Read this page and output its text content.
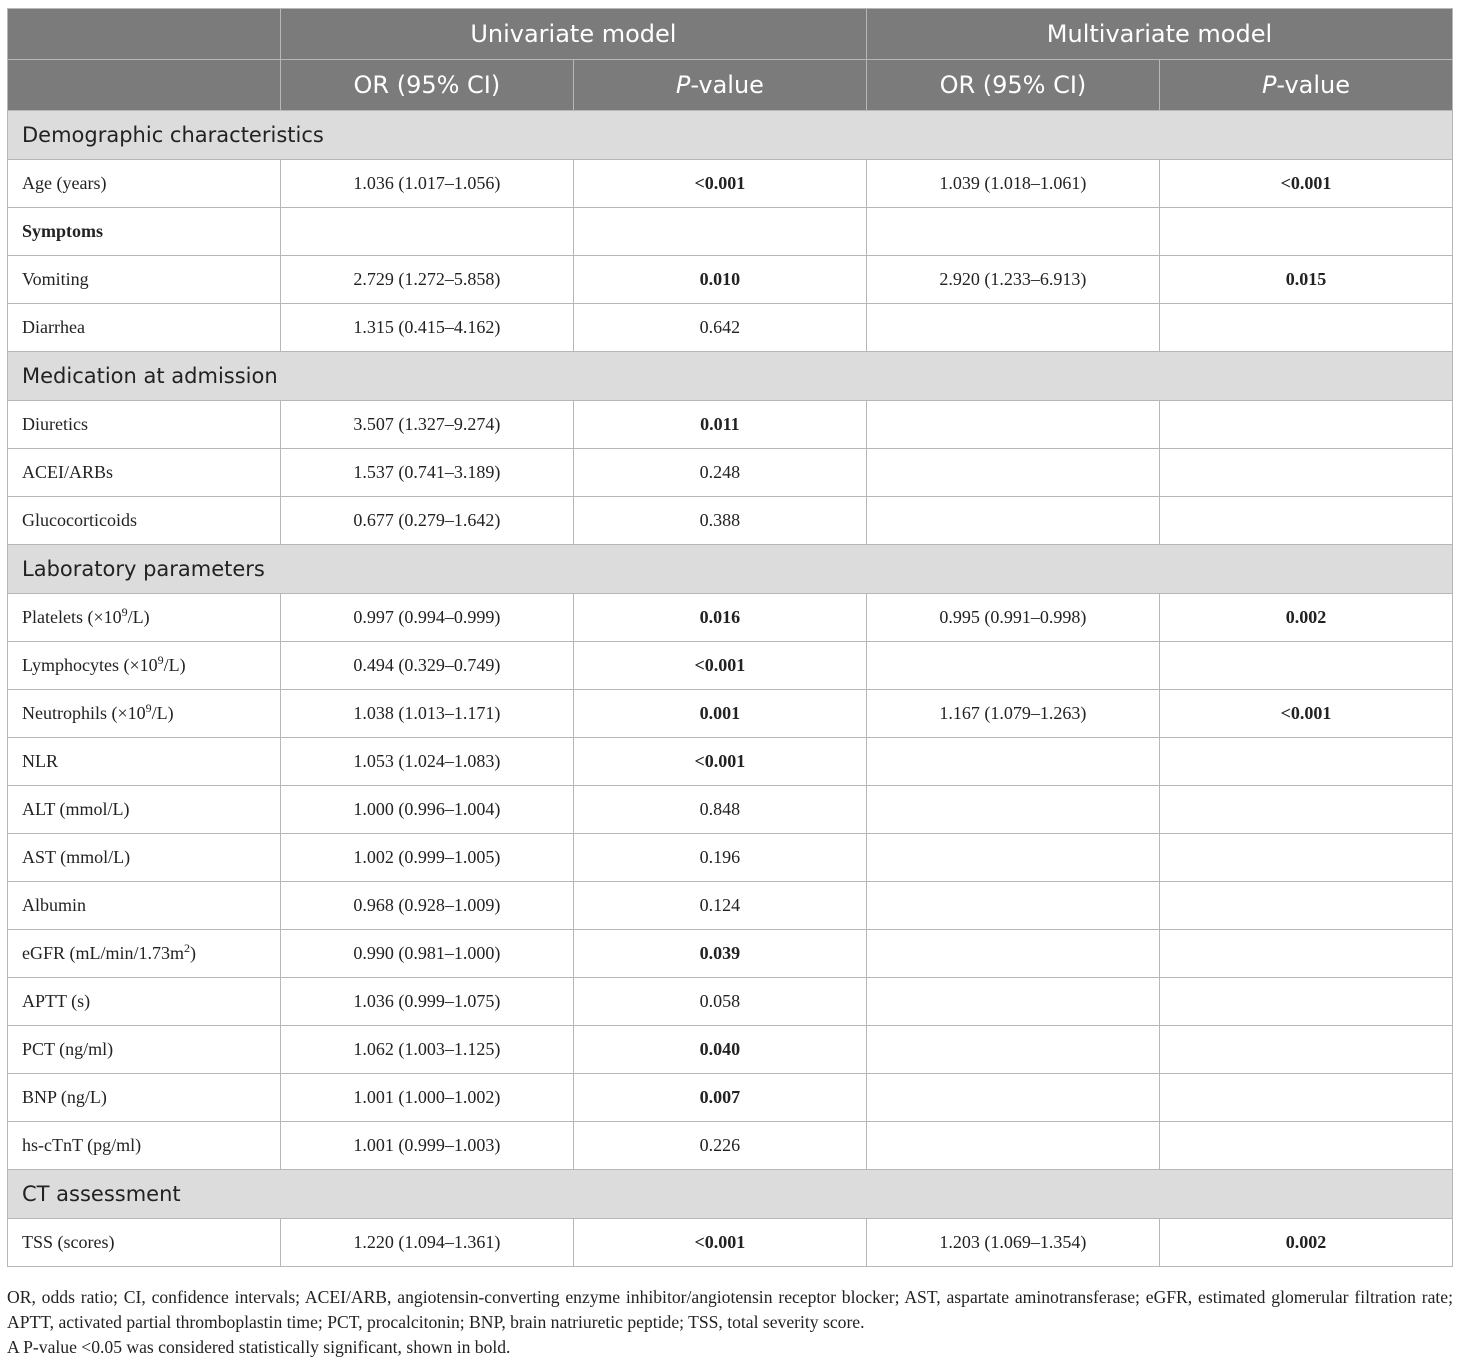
	Univariate model		Multivariate model	
	OR (95% CI)	P-value	OR (95% CI)	P-value
Demographic characteristics				
Age (years)	1.036 (1.017–1.056)	<0.001	1.039 (1.018–1.061)	<0.001
Symptoms				
Vomiting	2.729 (1.272–5.858)	0.010	2.920 (1.233–6.913)	0.015
Diarrhea	1.315 (0.415–4.162)	0.642		
Medication at admission				
Diuretics	3.507 (1.327–9.274)	0.011		
ACEI/ARBs	1.537 (0.741–3.189)	0.248		
Glucocorticoids	0.677 (0.279–1.642)	0.388		
Laboratory parameters				
Platelets $(\times 10^9/L)$	0.997 (0.994–0.999)	0.016	0.995 (0.991–0.998)	0.002
Lymphocytes $(\times 10^9/L)$	0.494 (0.329–0.749)	<0.001		
Neutrophils $(\times 10^9/L)$	1.038 (1.013–1.171)	0.001	1.167 (1.079–1.263)	<0.001
NLR	1.053 (1.024–1.083)	<0.001		
ALT (mmol/L)	1.000 (0.996–1.004)	0.848		
AST (mmol/L)	1.002 (0.999–1.005)	0.196		
Albumin	0.968 (0.928–1.009)	0.124		
eGFR $(mL/\min/1.73m^2)$	0.990 (0.981–1.000)	0.039		
APTT (s)	1.036 (0.999–1.075)	0.058		
PCT (ng/ml)	1.062 (1.003–1.125)	0.040		
BNP (ng/L)	1.001 (1.000–1.002)	0.007		
hs-cTnT (pg/ml)	1.001 (0.999–1.003)	0.226		
CT assessment				
TSS (scores)	1.220 (1.094–1.361)	<0.001	1.203 (1.069–1.354)	0.002

OR, odds ratio; CI, confidence intervals; ACEI/ARB, angiotensin-converting enzyme inhibitor/angiotensin receptor blocker; AST, aspartate aminotransferase; eGFR, estimated glomerular filtration rate; APTT, activated partial thromboplastin time; PCT, procalcitonin; BNP, brain natriuretic peptide; TSS, total severity score.

A P-value <0.05 was considered statistically significant, shown in bold.
